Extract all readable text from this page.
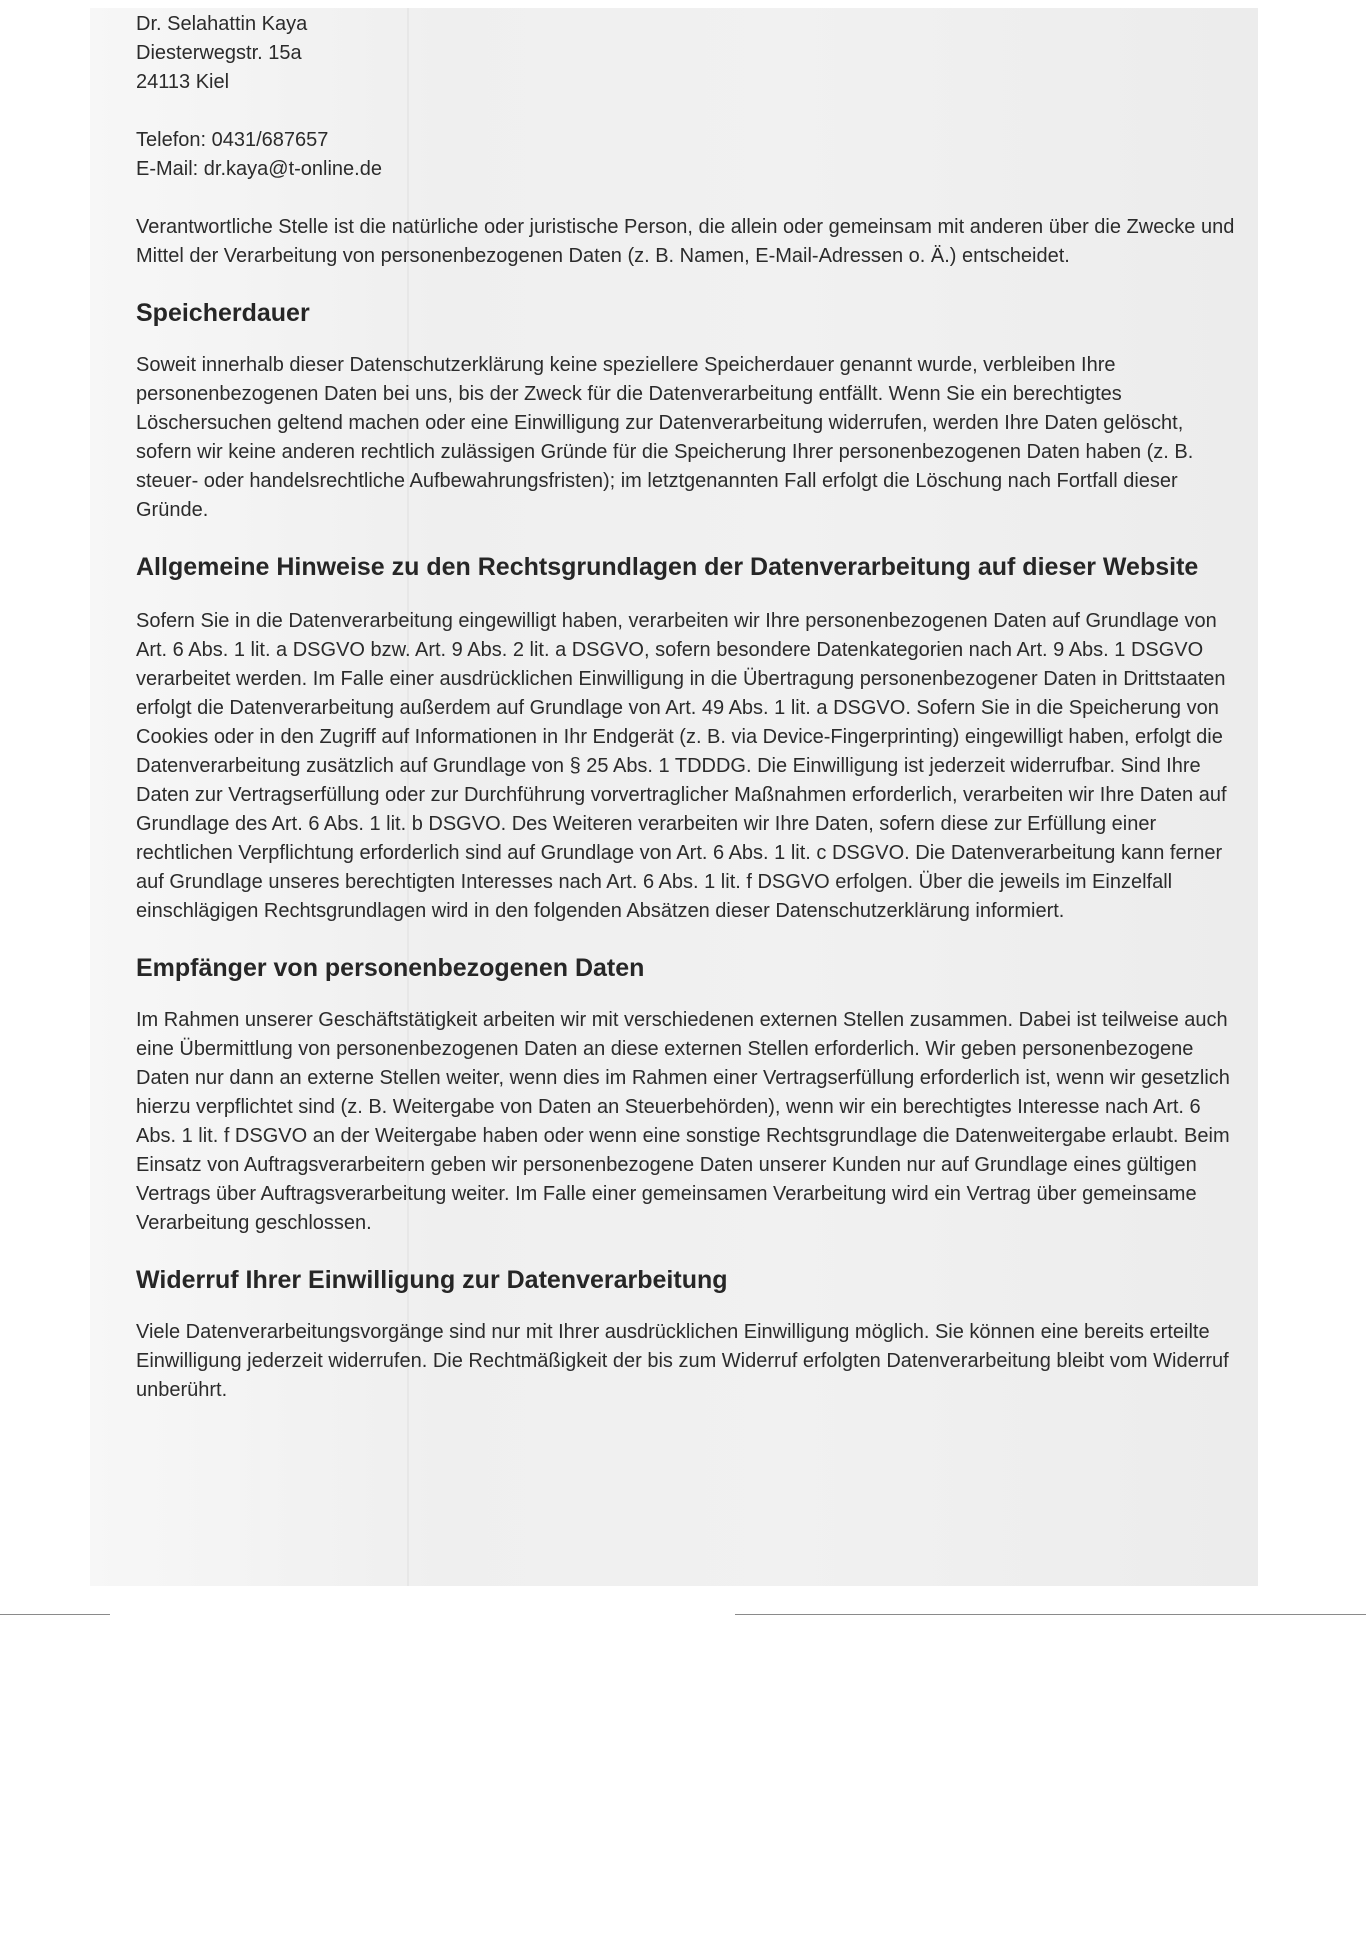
Dr. Selahattin Kaya

Diesterwegstr. 15a

24113 Kiel

Telefon: 0431/687657

E-Mail: dr.kaya@t-online.de

Verantwortliche Stelle ist die natürliche oder juristische Person, die allein oder gemeinsam mit anderen über die Zwecke und Mittel der Verarbeitung von personenbezogenen Daten (z. B. Namen, E-Mail-Adressen o. Ä.) entscheidet.

Speicherdauer

Soweit innerhalb dieser Datenschutzerklärung keine speziellere Speicherdauer genannt wurde, verbleiben Ihre personenbezogenen Daten bei uns, bis der Zweck für die Datenverarbeitung entfällt. Wenn Sie ein berechtigtes Löschersuchen geltend machen oder eine Einwilligung zur Datenverarbeitung widerrufen, werden Ihre Daten gelöscht, sofern wir keine anderen rechtlich zulässigen Gründe für die Speicherung Ihrer personenbezogenen Daten haben (z. B. steuer- oder handelsrechtliche Aufbewahrungsfristen); im letztgenannten Fall erfolgt die Löschung nach Fortfall dieser Gründe.

Allgemeine Hinweise zu den Rechtsgrundlagen der Datenverarbeitung auf dieser Website

Sofern Sie in die Datenverarbeitung eingewilligt haben, verarbeiten wir Ihre personenbezogenen Daten auf Grundlage von Art. 6 Abs. 1 lit. a DSGVO bzw. Art. 9 Abs. 2 lit. a DSGVO, sofern besondere Datenkategorien nach Art. 9 Abs. 1 DSGVO verarbeitet werden. Im Falle einer ausdrücklichen Einwilligung in die Übertragung personenbezogener Daten in Drittstaaten erfolgt die Datenverarbeitung außerdem auf Grundlage von Art. 49 Abs. 1 lit. a DSGVO. Sofern Sie in die Speicherung von Cookies oder in den Zugriff auf Informationen in Ihr Endgerät (z. B. via Device-Fingerprinting) eingewilligt haben, erfolgt die Datenverarbeitung zusätzlich auf Grundlage von § 25 Abs. 1 TDDDG. Die Einwilligung ist jederzeit widerrufbar. Sind Ihre Daten zur Vertragserfüllung oder zur Durchführung vorvertraglicher Maßnahmen erforderlich, verarbeiten wir Ihre Daten auf Grundlage des Art. 6 Abs. 1 lit. b DSGVO. Des Weiteren verarbeiten wir Ihre Daten, sofern diese zur Erfüllung einer rechtlichen Verpflichtung erforderlich sind auf Grundlage von Art. 6 Abs. 1 lit. c DSGVO. Die Datenverarbeitung kann ferner auf Grundlage unseres berechtigten Interesses nach Art. 6 Abs. 1 lit. f DSGVO erfolgen. Über die jeweils im Einzelfall einschlägigen Rechtsgrundlagen wird in den folgenden Absätzen dieser Datenschutzerklärung informiert.

Empfänger von personenbezogenen Daten

Im Rahmen unserer Geschäftstätigkeit arbeiten wir mit verschiedenen externen Stellen zusammen. Dabei ist teilweise auch eine Übermittlung von personenbezogenen Daten an diese externen Stellen erforderlich. Wir geben personenbezogene Daten nur dann an externe Stellen weiter, wenn dies im Rahmen einer Vertragserfüllung erforderlich ist, wenn wir gesetzlich hierzu verpflichtet sind (z. B. Weitergabe von Daten an Steuerbehörden), wenn wir ein berechtigtes Interesse nach Art. 6 Abs. 1 lit. f DSGVO an der Weitergabe haben oder wenn eine sonstige Rechtsgrundlage die Datenweitergabe erlaubt. Beim Einsatz von Auftragsverarbeitern geben wir personenbezogene Daten unserer Kunden nur auf Grundlage eines gültigen Vertrags über Auftragsverarbeitung weiter. Im Falle einer gemeinsamen Verarbeitung wird ein Vertrag über gemeinsame Verarbeitung geschlossen.

Widerruf Ihrer Einwilligung zur Datenverarbeitung

Viele Datenverarbeitungsvorgänge sind nur mit Ihrer ausdrücklichen Einwilligung möglich. Sie können eine bereits erteilte Einwilligung jederzeit widerrufen. Die Rechtmäßigkeit der bis zum Widerruf erfolgten Datenverarbeitung bleibt vom Widerruf unberührt.
